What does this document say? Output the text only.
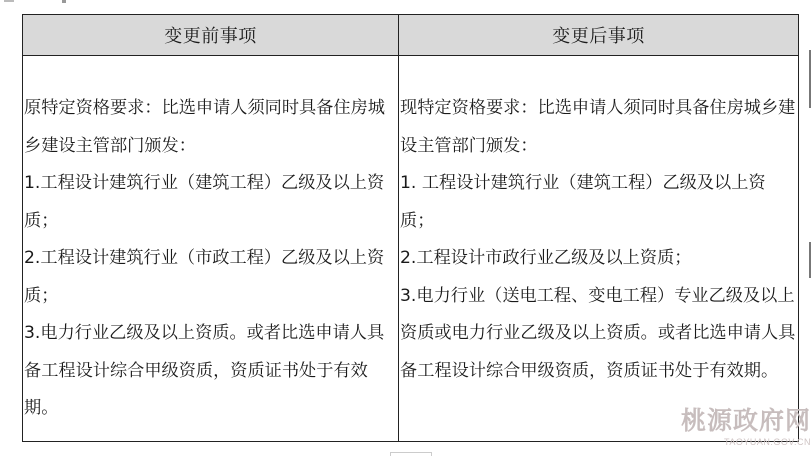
变更前事项	变更后事项

原特定资格要求：比选申请人须同时具备住房城乡建设主管部门颁发：
1.工程设计建筑行业（建筑工程）乙级及以上资质；
2.工程设计建筑行业（市政工程）乙级及以上资质；
3.电力行业乙级及以上资质。或者比选申请人具备工程设计综合甲级资质，资质证书处于有效期。	现特定资格要求：比选申请人须同时具备住房城乡建设主管部门颁发：
1. 工程设计建筑行业（建筑工程）乙级及以上资质；
2.工程设计市政行业乙级及以上资质；
3.电力行业（送电工程、变电工程）专业乙级及以上资质或电力行业乙级及以上资质。或者比选申请人具备工程设计综合甲级资质，资质证书处于有效期。

桃源政府网
TAOYUAN.GOV.CN
